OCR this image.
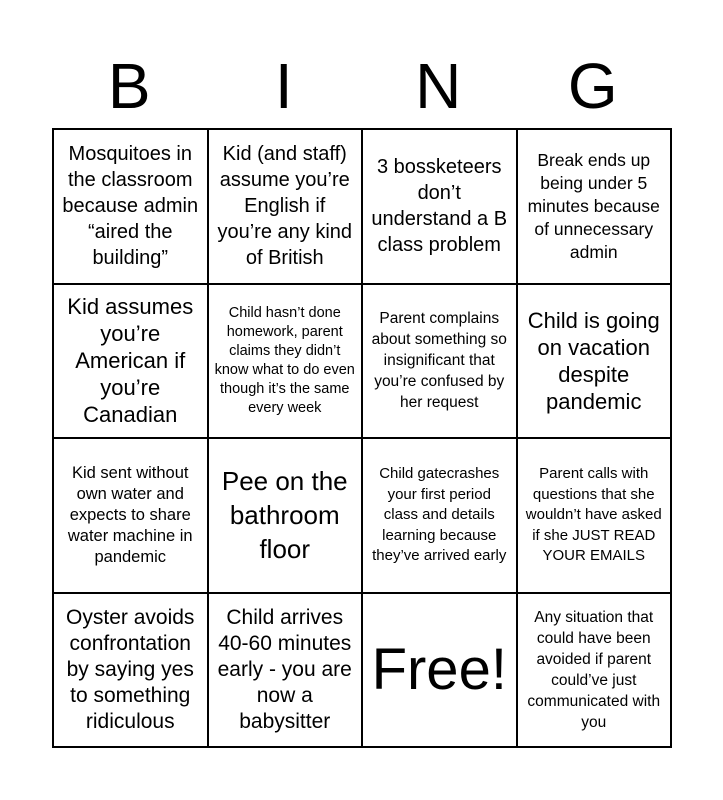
B	I	N	G
Mosquitoes in the classroom because admin “aired the building”	Kid (and staff) assume you’re English if you’re any kind of British	3 bossketeers don’t understand a B class problem	Break ends up being under 5 minutes because of unnecessary admin
Kid assumes you’re American if you’re Canadian	Child hasn’t done homework, parent claims they didn’t know what to do even though it’s the same every week	Parent complains about something so insignificant that you’re confused by her request	Child is going on vacation despite pandemic
Kid sent without own water and expects to share water machine in pandemic	Pee on the bathroom floor	Child gatecrashes your first period class and details learning because they’ve arrived early	Parent calls with questions that she wouldn’t have asked if she JUST READ YOUR EMAILS
Oyster avoids confrontation by saying yes to something ridiculous	Child arrives 40-60 minutes early - you are now a babysitter	Free!	Any situation that could have been avoided if parent could’ve just communicated with you
